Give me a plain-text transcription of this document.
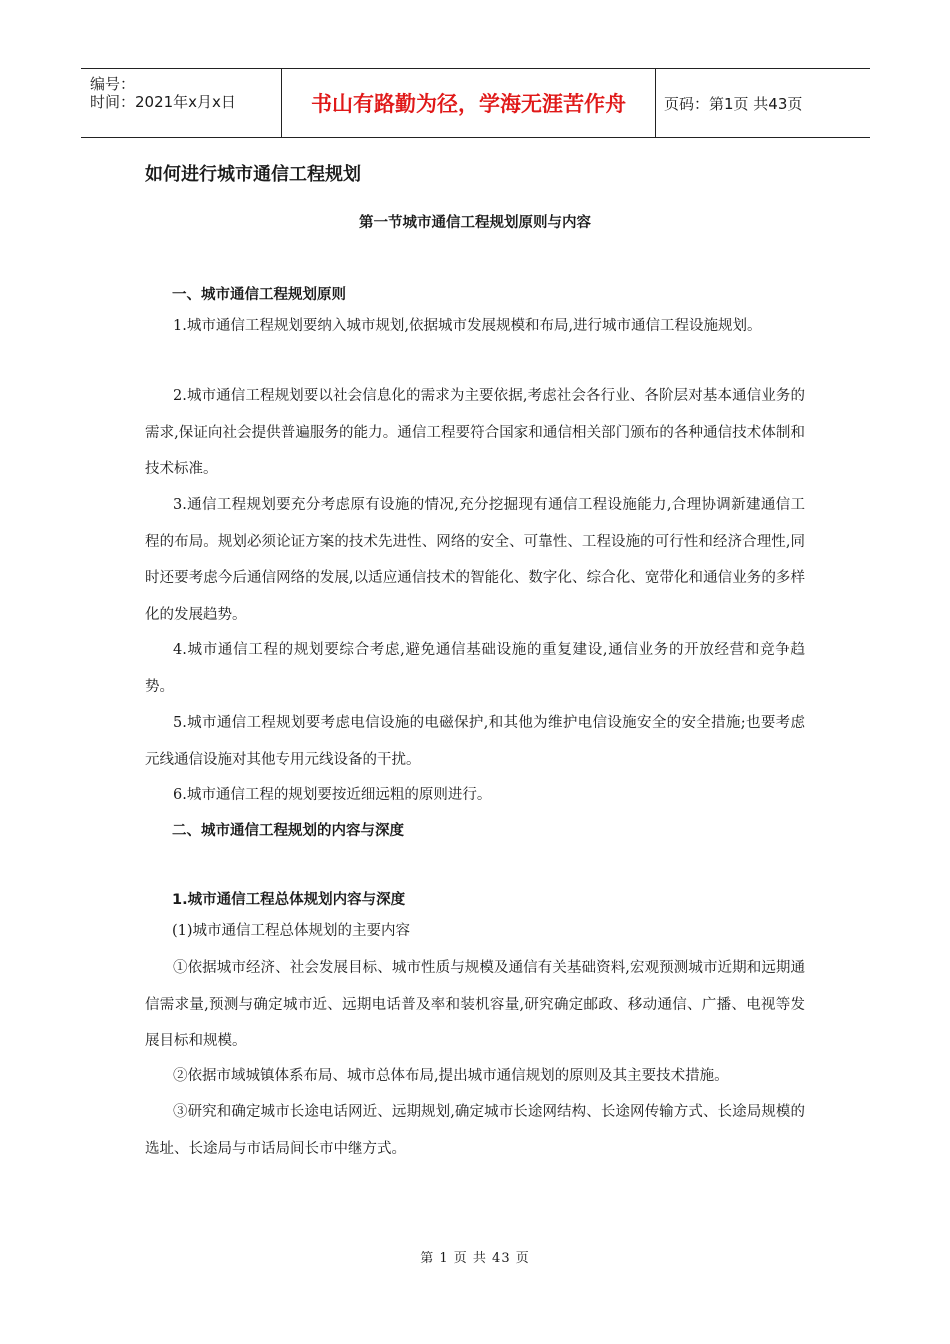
编号：
时间：2021年x月x日	书山有路勤为径，学海无涯苦作舟	页码：第1页 共43页
如何进行城市通信工程规划
第一节城市通信工程规划原则与内容
一、城市通信工程规划原则
1.城市通信工程规划要纳入城市规划,依据城市发展规模和布局,进行城市通信工程设施规划。
2.城市通信工程规划要以社会信息化的需求为主要依据,考虑社会各行业、各阶层对基本通信业务的需求,保证向社会提供普遍服务的能力。通信工程要符合国家和通信相关部门颁布的各种通信技术体制和技术标准。
3.通信工程规划要充分考虑原有设施的情况,充分挖掘现有通信工程设施能力,合理协调新建通信工程的布局。规划必须论证方案的技术先进性、网络的安全、可靠性、工程设施的可行性和经济合理性,同时还要考虑今后通信网络的发展,以适应通信技术的智能化、数字化、综合化、宽带化和通信业务的多样化的发展趋势。
4.城市通信工程的规划要综合考虑,避免通信基础设施的重复建设,通信业务的开放经营和竞争趋势。
5.城市通信工程规划要考虑电信设施的电磁保护,和其他为维护电信设施安全的安全措施;也要考虑元线通信设施对其他专用元线设备的干扰。
6.城市通信工程的规划要按近细远粗的原则进行。
二、城市通信工程规划的内容与深度
1.城市通信工程总体规划内容与深度
(1)城市通信工程总体规划的主要内容
①依据城市经济、社会发展目标、城市性质与规模及通信有关基础资料,宏观预测城市近期和远期通信需求量,预测与确定城市近、远期电话普及率和装机容量,研究确定邮政、移动通信、广播、电视等发展目标和规模。
②依据市域城镇体系布局、城市总体布局,提出城市通信规划的原则及其主要技术措施。
③研究和确定城市长途电话网近、远期规划,确定城市长途网结构、长途网传输方式、长途局规模的选址、长途局与市话局间长市中继方式。
第 1 页 共 43 页
